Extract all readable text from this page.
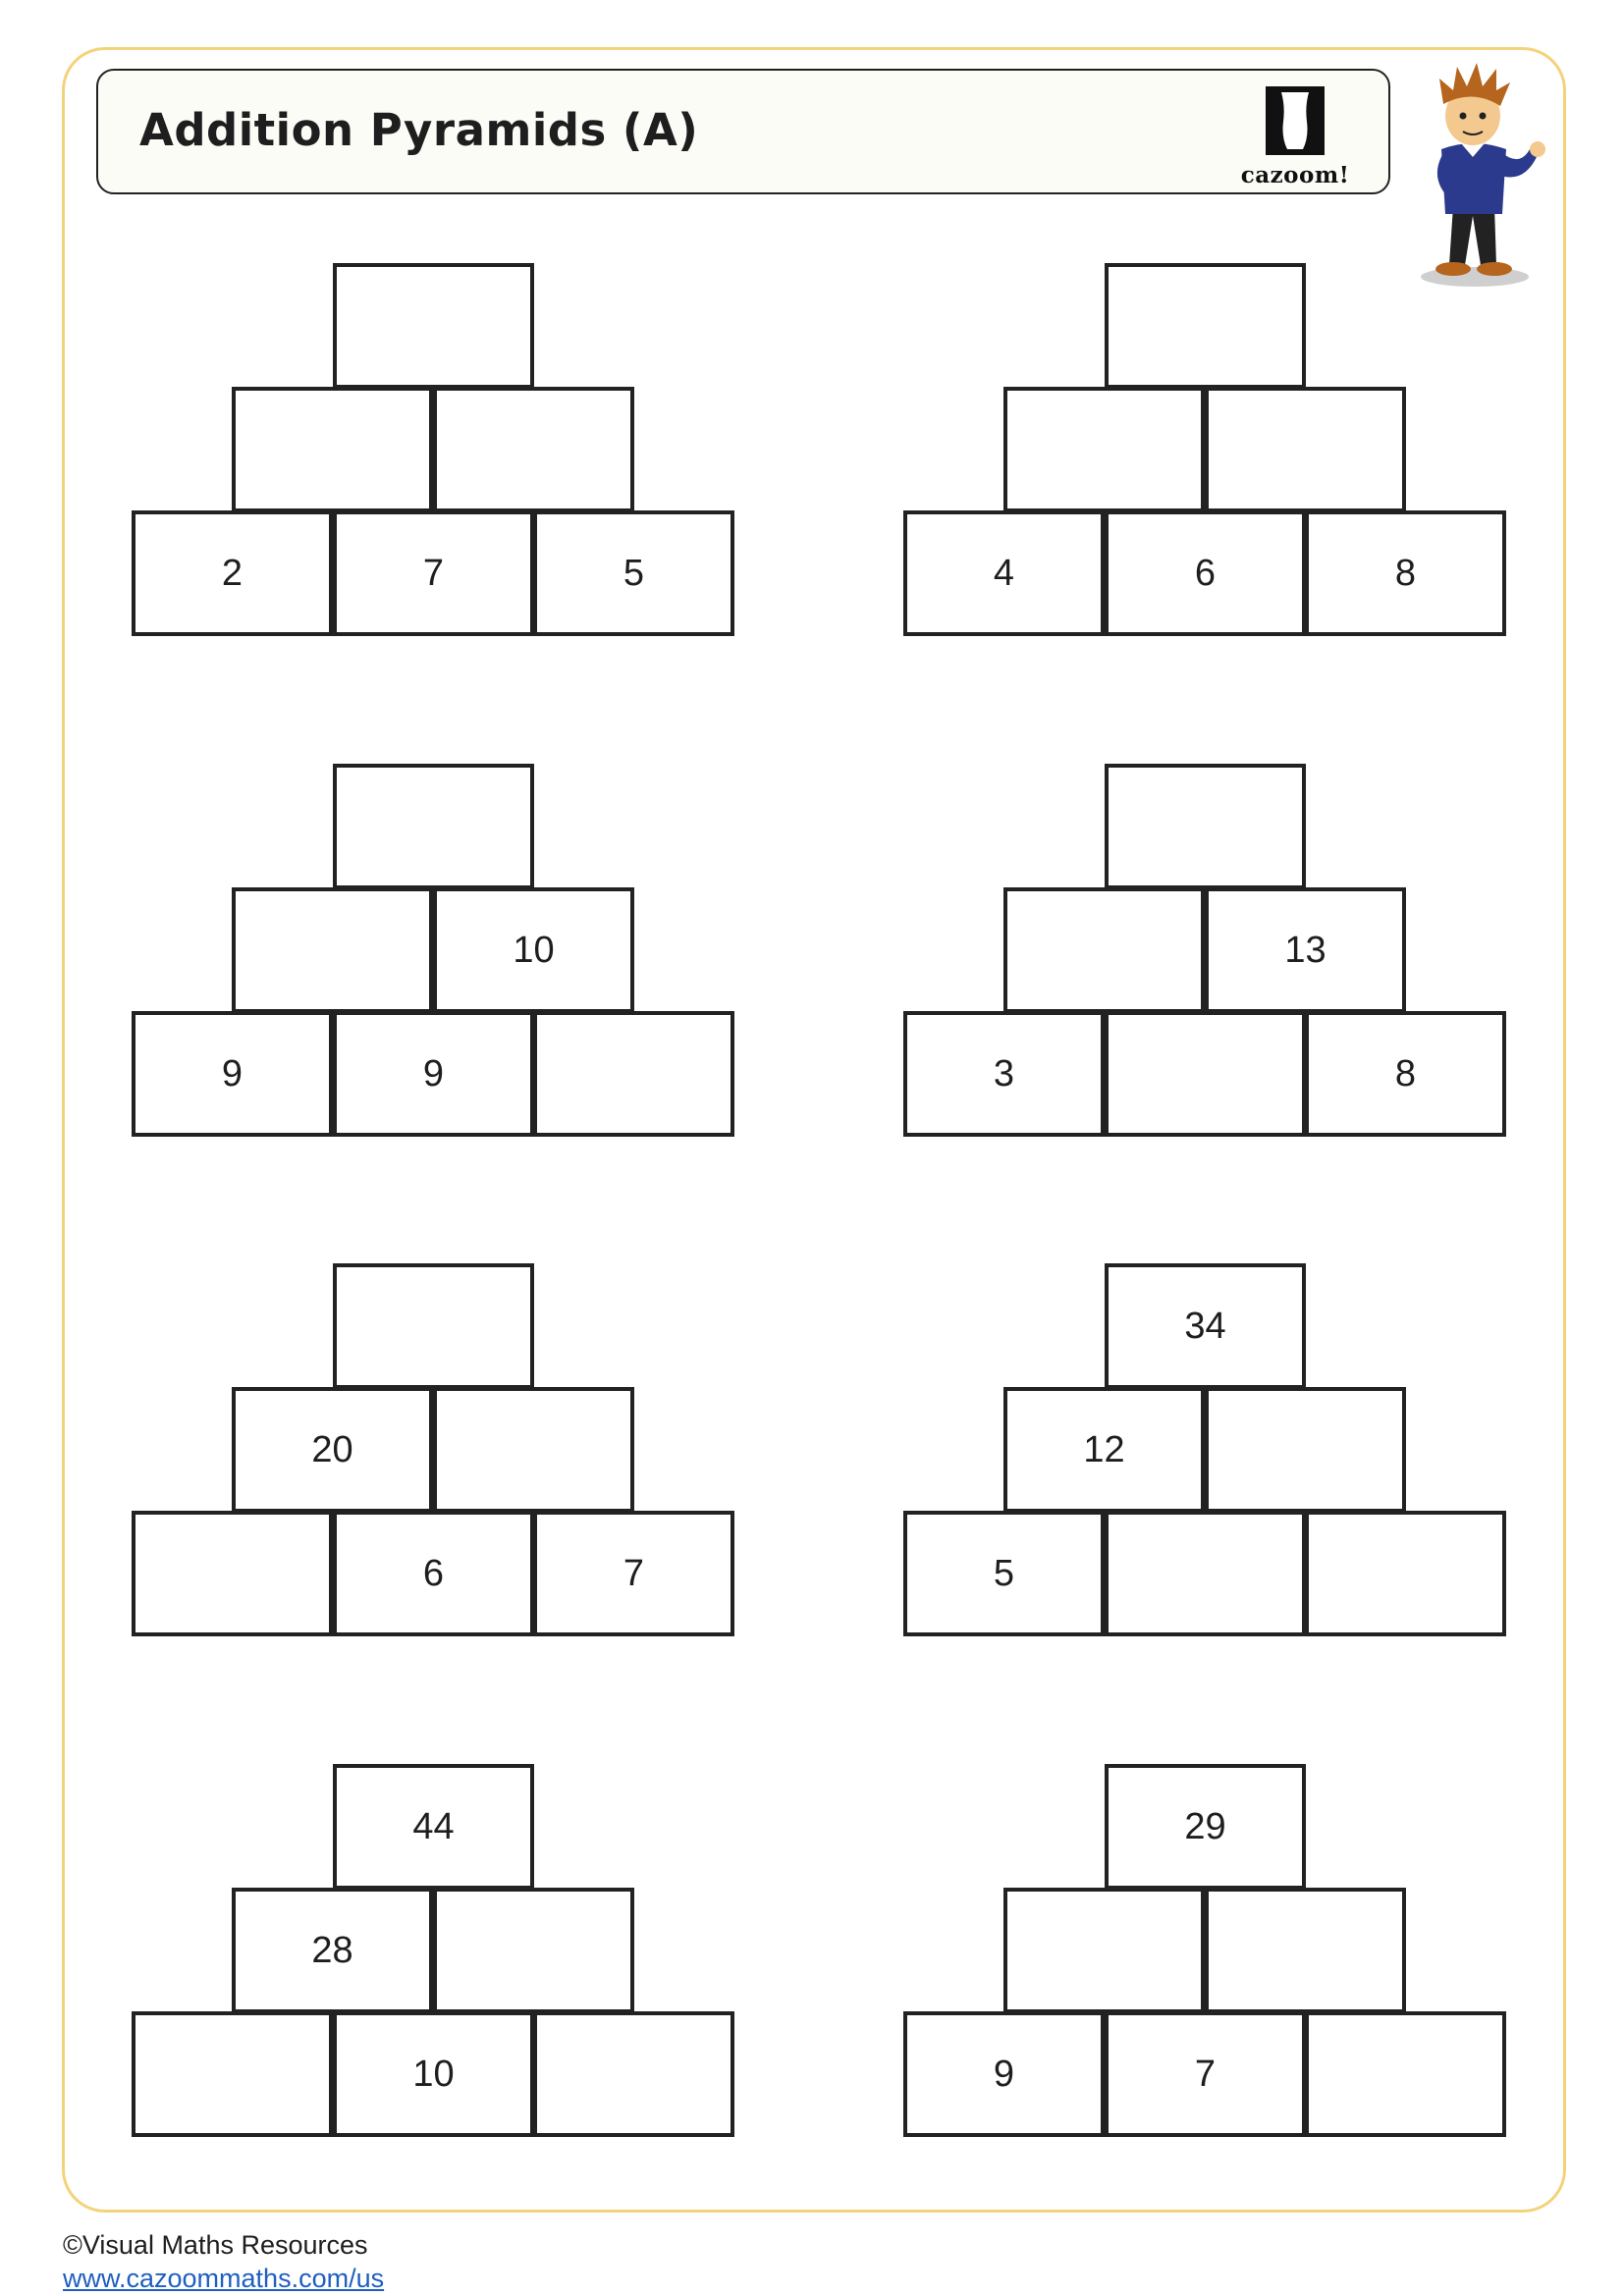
Addition Pyramids (A)
cazoom!
2	7	5	4	6	8
10
9	9
13
3	8
20
6	7
34
12
5
44
28
10
29
9	7
©Visual Maths Resources
www.cazoommaths.com/us
